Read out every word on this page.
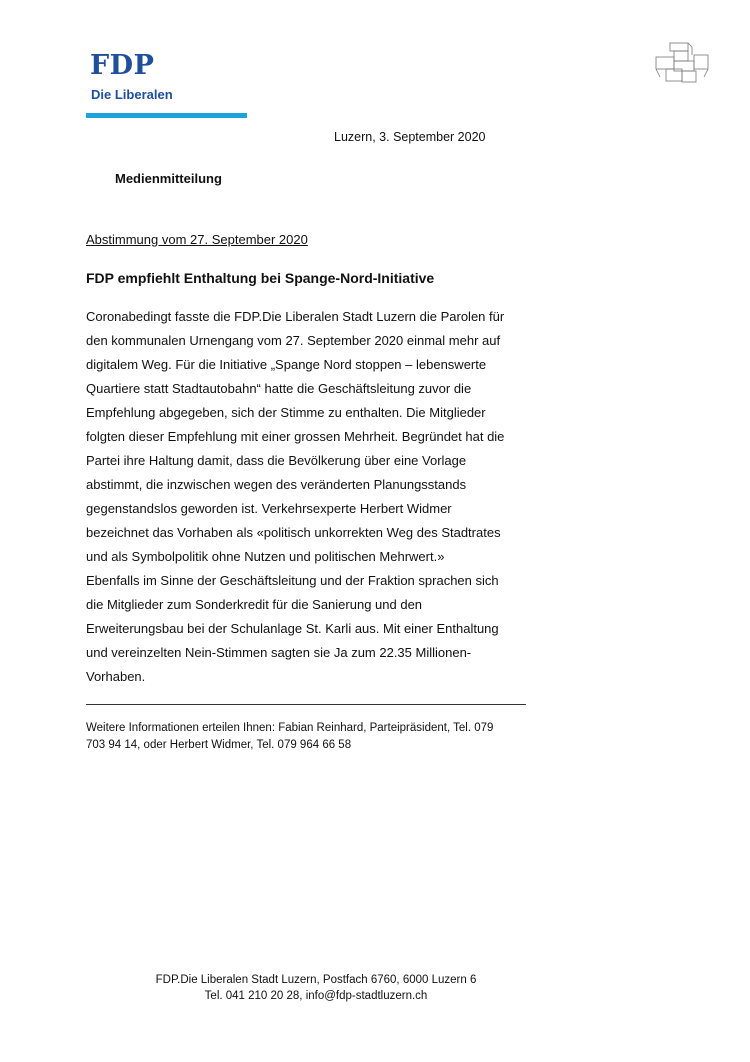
FDP
Die Liberalen
Luzern, 3. September 2020
Medienmitteilung
Abstimmung vom 27. September 2020
FDP empfiehlt Enthaltung bei Spange-Nord-Initiative
Coronabedingt fasste die FDP.Die Liberalen Stadt Luzern die Parolen für
den kommunalen Urnengang vom 27. September 2020 einmal mehr auf
digitalem Weg. Für die Initiative „Spange Nord stoppen – lebenswerte
Quartiere statt Stadtautobahn“ hatte die Geschäftsleitung zuvor die
Empfehlung abgegeben, sich der Stimme zu enthalten. Die Mitglieder
folgten dieser Empfehlung mit einer grossen Mehrheit. Begründet hat die
Partei ihre Haltung damit, dass die Bevölkerung über eine Vorlage
abstimmt, die inzwischen wegen des veränderten Planungsstands
gegenstandslos geworden ist. Verkehrsexperte Herbert Widmer
bezeichnet das Vorhaben als «politisch unkorrekten Weg des Stadtrates
und als Symbolpolitik ohne Nutzen und politischen Mehrwert.»
Ebenfalls im Sinne der Geschäftsleitung und der Fraktion sprachen sich
die Mitglieder zum Sonderkredit für die Sanierung und den
Erweiterungsbau bei der Schulanlage St. Karli aus. Mit einer Enthaltung
und vereinzelten Nein-Stimmen sagten sie Ja zum 22.35 Millionen-
Vorhaben.
Weitere Informationen erteilen Ihnen: Fabian Reinhard, Parteipräsident, Tel. 079
703 94 14, oder Herbert Widmer, Tel. 079 964 66 58
FDP.Die Liberalen Stadt Luzern, Postfach 6760, 6000 Luzern 6
Tel. 041 210 20 28, info@fdp-stadtluzern.ch
